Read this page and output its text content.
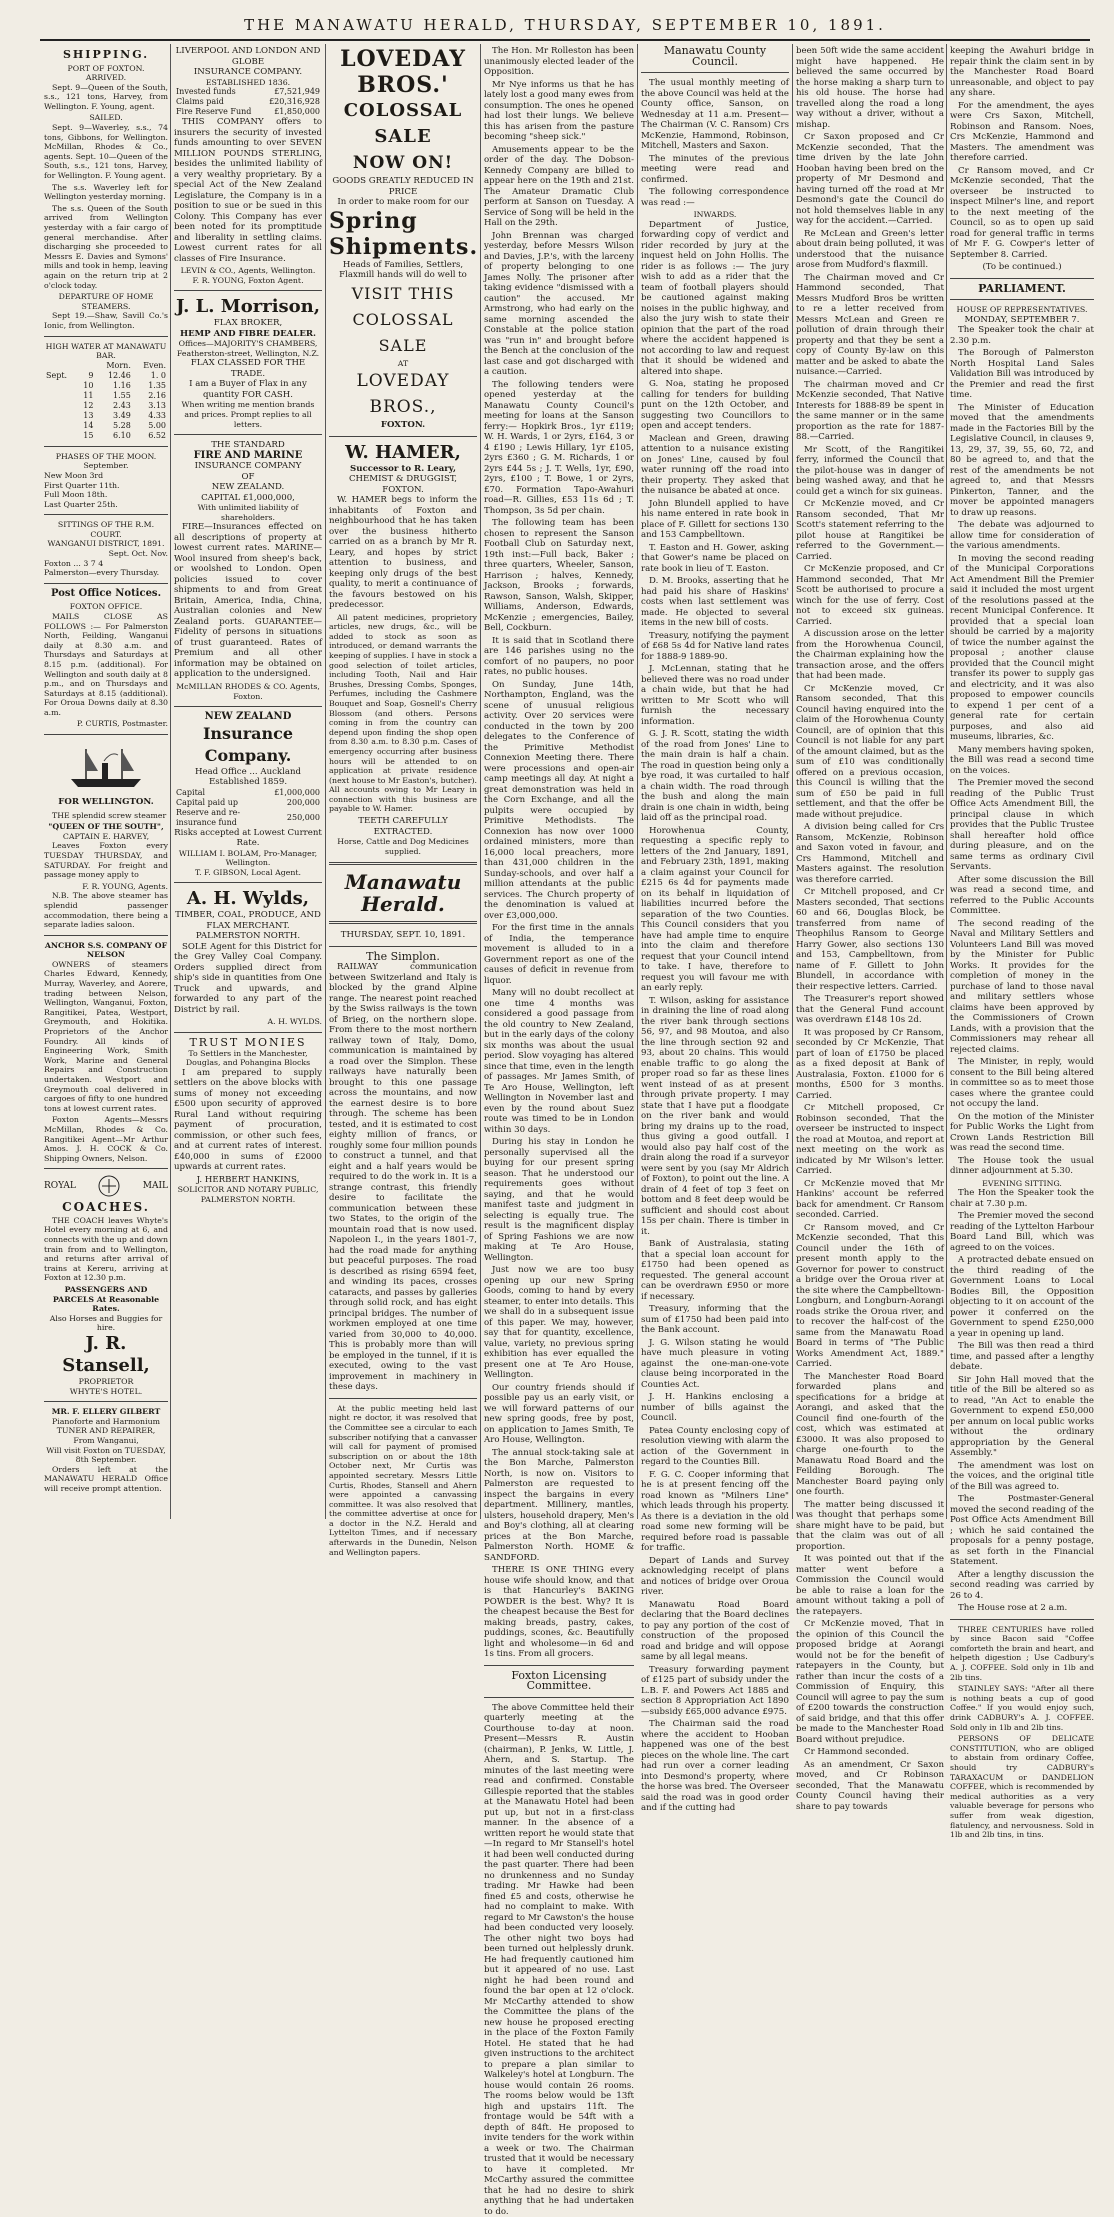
THE MANAWATU HERALD, THURSDAY, SEPTEMBER 10, 1891.
SHIPPING.
PORT OF FOXTON.
ARRIVED.

Sept. 9—Queen of the South, s.s., 121 tons, Harvey, from Wellington. F. Young, agent.

SAILED.

Sept. 9—Waverley, s.s., 74 tons, Gibbons, for Wellington. McMillan, Rhodes & Co., agents. Sept. 10—Queen of the South, s.s., 121 tons, Harvey, for Wellington. F. Young agent.

The s.s. Waverley left for Wellington yesterday morning.

The s.s. Queen of the South arrived from Wellington yesterday with a fair cargo of general merchandise. After discharging she proceeded to Messrs E. Davies and Symons' mills and took in hemp, leaving again on the return trip at 2 o'clock today.

DEPARTURE OF HOME STEAMERS.

Sept 19.—Shaw, Savill Co.'s Ionic, from Wellington.

HIGH WATER AT MANAWATU BAR.
		Morn.	Even.
Sept.	9	12.46	1. 0
	10	1.16	1.35
	11	1.55	2.16
	12	2.43	3.13
	13	3.49	4.33
	14	5.28	5.00
	15	6.10	6.52
PHASES OF THE MOON.
September.
New Moon 3rd
First Quarter 11th.
Full Moon 18th.
Last Quarter 25th.
SITTINGS OF THE R.M. COURT.
WANGANUI DISTRICT, 1891.
Sept. Oct. Nov.
Foxton ... 3 7 4
Palmerston—every Thursday.
Post Office Notices.
FOXTON OFFICE.

MAILS CLOSE AS FOLLOWS :— For Palmerston North, Feilding, Wanganui daily at 8.30 a.m. and Thursdays and Saturdays at 8.15 p.m. (additional). For Wellington and south daily at 8 p.m., and on Thursdays and Saturdays at 8.15 (additional). For Oroua Downs daily at 8.30 a.m.

P. CURTIS, Postmaster.
FOR WELLINGTON.

THE splendid screw steamer

"QUEEN OF THE SOUTH",
CAPTAIN E. HARVEY,

Leaves Foxton every TUESDAY THURSDAY, and SATURDAY. For freight and passage money apply to

F. R. YOUNG, Agents.

N.B. The above steamer has splendid passenger accommodation, there being a separate ladies saloon.

ANCHOR S.S. COMPANY OF NELSON

OWNERS of steamers Charles Edward, Kennedy, Murray, Waverley, and Aorere, trading between Nelson, Wellington, Wanganui, Foxton, Rangitikei, Patea, Westport, Greymouth, and Hokitika. Proprietors of the Anchor Foundry. All kinds of Engineering Work, Smith Work, Marine and General Repairs and Construction undertaken. Westport and Greymouth coal delivered in cargoes of fifty to one hundred tons at lowest current rates.

Foxton Agents—Messrs McMillan, Rhodes & Co. Rangitikei Agent—Mr Arthur Amos. J. H. COCK & Co. Shipping Owners, Nelson.

ROYAL	MAIL
COACHES.

THE COACH leaves Whyte's Hotel every morning at 6, and connects with the up and down train from and to Wellington, and returns after arrival of trains at Kereru, arriving at Foxton at 12.30 p.m.

PASSENGERS AND PARCELS At Reasonable Rates.
Also Horses and Buggies for hire.
J. R. Stansell,
PROPRIETOR
WHYTE'S HOTEL.
MR. F. ELLERY GILBERT
Pianoforte and Harmonium
TUNER AND REPAIRER,
From Wanganui,
Will visit Foxton on TUESDAY, 8th September.

Orders left at the MANAWATU HERALD Office will receive prompt attention.

LIVERPOOL AND LONDON AND GLOBE
INSURANCE COMPANY.
ESTABLISHED 1836.
Invested funds	£7,521,949
Claims paid	£20,316,928
Fire Reserve Fund	£1,850,000

THIS COMPANY offers to insurers the security of invested funds amounting to over SEVEN MILLION POUNDS STERLING, besides the unlimited liability of a very wealthy proprietary. By a special Act of the New Zealand Legislature, the Company is in a position to sue or be sued in this Colony. This Company has ever been noted for its promptitude and liberality in settling claims. Lowest current rates for all classes of Fire Insurance.

LEVIN & CO., Agents, Wellington.
F. R. YOUNG, Foxton Agent.
J. L. Morrison,
FLAX BROKER,
HEMP AND FIBRE DEALER.
Offices—MAJORITY'S CHAMBERS, Featherston-street, Wellington, N.Z.
FLAX CLASSED FOR THE TRADE.
I am a Buyer of Flax in any quantity FOR CASH.
When writing me mention brands and prices. Prompt replies to all letters.
THE STANDARD
FIRE AND MARINE
INSURANCE COMPANY
OF
NEW ZEALAND.
CAPITAL £1,000,000,
With unlimited liability of shareholders.

FIRE—Insurances effected on all descriptions of property at lowest current rates. MARINE—Wool insured from sheep's back, or woolshed to London. Open policies issued to cover shipments to and from Great Britain, America, India, China, Australian colonies and New Zealand ports. GUARANTEE—Fidelity of persons in situations of trust guaranteed. Rates of Premium and all other information may be obtained on application to the undersigned.

McMILLAN RHODES & CO. Agents, Foxton.
NEW ZEALAND
Insurance Company.
Head Office ... Auckland
Established 1859.
Capital	£1,000,000
Capital paid up	200,000
Reserve and re-insurance fund	250,000
Risks accepted at Lowest Current Rate.
WILLIAM I. BOLAM, Pro-Manager, Wellington.
T. F. GIBSON, Local Agent.
A. H. Wylds,
TIMBER, COAL, PRODUCE, AND FLAX MERCHANT.
PALMERSTON NORTH.

SOLE Agent for this District for the Grey Valley Coal Company. Orders supplied direct from ship's side in quantities from One Truck and upwards, and forwarded to any part of the District by rail.

A. H. WYLDS.
TRUST MONIES
To Settlers in the Manchester, Douglas, and Pohangina Blocks

I am prepared to supply settlers on the above blocks with sums of money not exceeding £500 upon security of approved Rural Land without requiring payment of procuration, commission, or other such fees, and at current rates of interest. £40,000 in sums of £2000 upwards at current rates.

J. HERBERT HANKINS,
SOLICITOR AND NOTARY PUBLIC, PALMERSTON NORTH.
LOVEDAY BROS.'
COLOSSAL SALE
NOW ON!
GOODS GREATLY REDUCED IN PRICE
In order to make room for our
Spring
Shipments.
Heads of Families, Settlers, Flaxmill hands will do well to
VISIT THIS COLOSSAL SALE
AT
LOVEDAY BROS.,
FOXTON.
W. HAMER,
Successor to R. Leary,
CHEMIST & DRUGGIST,
FOXTON.

W. HAMER begs to inform the inhabitants of Foxton and neighbourhood that he has taken over the business hitherto carried on as a branch by Mr R. Leary, and hopes by strict attention to business, and keeping only drugs of the best quality, to merit a continuance of the favours bestowed on his predecessor.

All patent medicines, proprietory articles, new drugs, &c., will be added to stock as soon as introduced, or demand warrants the keeping of supplies. I have in stock a good selection of toilet articles, including Tooth, Nail and Hair Brushes, Dressing Combs, Sponges, Perfumes, including the Cashmere Bouquet and Soap, Gosnell's Cherry Blossom (and others. Persons coming in from the country can depend upon finding the shop open from 8.30 a.m. to 8.30 p.m. Cases of emergency occurring after business hours will be attended to on application at private residence (next house to Mr Easton's, butcher). All accounts owing to Mr Leary in connection with this business are payable to W. Hamer.

TEETH CAREFULLY EXTRACTED.
Horse, Cattle and Dog Medicines supplied.
Manawatu Herald.
THURSDAY, SEPT. 10, 1891.
The Simplon.

RAILWAY communication between Switzerland and Italy is blocked by the grand Alpine range. The nearest point reached by the Swiss railways is the town of Brieg, on the northern slope. From there to the most northern railway town of Italy, Domo, communication is maintained by a road over the Simplon. These railways have naturally been brought to this one passage across the mountains, and now the earnest desire is to bore through. The scheme has been tested, and it is estimated to cost eighty million of francs, or roughly some four million pounds to construct a tunnel, and that eight and a half years would be required to do the work in. It is a strange contrast, this friendly desire to facilitate the communication between these two States, to the origin of the mountain road that is now used. Napoleon I., in the years 1801-7, had the road made for anything but peaceful purposes. The road is described as rising 6594 feet, and winding its paces, crosses cataracts, and passes by galleries through solid rock, and has eight principal bridges. The number of workmen employed at one time varied from 30,000 to 40,000. This is probably more than will be employed in the tunnel, if it is executed, owing to the vast improvement in machinery in these days.

At the public meeting held last night re doctor, it was resolved that the Committee see a circular to each subscriber notifying that a canvasser will call for payment of promised subscription on or about the 18th October next, Mr Curtis was appointed secretary. Messrs Little Curtis, Rhodes, Stansell and Ahern were appointed a canvassing committee. It was also resolved that the committee advertise at once for a doctor in the N.Z. Herald and Lyttelton Times, and if necessary afterwards in the Dunedin, Nelson and Wellington papers.

The Hon. Mr Rolleston has been unanimously elected leader of the Opposition.

Mr Nye informs us that he has lately lost a good many ewes from consumption. The ones he opened had lost their lungs. We believe this has arisen from the pasture becoming "sheep sick."

Amusements appear to be the order of the day. The Dobson-Kennedy Company are billed to appear here on the 19th and 21st. The Amateur Dramatic Club perform at Sanson on Tuesday. A Service of Song will be held in the Hall on the 29th.

John Brennan was charged yesterday, before Messrs Wilson and Davies, J.P.'s, with the larceny of property belonging to one James Nolly. The prisoner after taking evidence "dismissed with a caution" the accused. Mr Armstrong, who had early on the same morning ascended the Constable at the police station was "run in" and brought before the Bench at the conclusion of the last case and got discharged with a caution.

The following tenders were opened yesterday at the Manawatu County Council's meeting for loans at the Sanson ferry:— Hopkirk Bros., 1yr £119; W. H. Wards, 1 or 2yrs, £164, 3 or 4 £190 ; Lewis Hillary, 1yr £105, 2yrs £360 ; G. M. Richards, 1 or 2yrs £44 5s ; J. T. Wells, 1yr, £90, 2yrs, £100 ; T. Bowe, 1 or 2yrs, £70. Formation Tapo-Awahuri road—R. Gillies, £53 11s 6d ; T. Thompson, 3s 5d per chain.

The following team has been chosen to represent the Sanson Football Club on Saturday next, 19th inst:—Full back, Baker ; three quarters, Wheeler, Sanson, Harrison ; halves, Kennedy, Jackson, Brooks ; forwards, Rawson, Sanson, Walsh, Skipper, Williams, Anderson, Edwards, McKenzie ; emergencies, Bailey, Bell, Cockburn.

It is said that in Scotland there are 146 parishes using no the comfort of no paupers, no poor rates, no public houses.

On Sunday, June 14th, Northampton, England, was the scene of unusual religious activity. Over 20 services were conducted in the town by 200 delegates to the Conference of the Primitive Methodist Connexion Meeting there. There were processions and open-air camp meetings all day. At night a great demonstration was held in the Corn Exchange, and all the pulpits were occupied by Primitive Methodists. The Connexion has now over 1000 ordained ministers, more than 16,000 local preachers, more than 431,000 children in the Sunday-schools, and over half a million attendants at the public services. The Church property of the denomination is valued at over £3,000,000.

For the first time in the annals of India, the temperance movement is alluded to in a Government report as one of the causes of deficit in revenue from liquor.

Many will no doubt recollect at one time 4 months was considered a good passage from the old country to New Zealand, but in the early days of the colony six months was about the usual period. Slow voyaging has altered since that time, even in the length of passages. Mr James Smith, of Te Aro House, Wellington, left Wellington in November last and even by the round about Suez route was timed to be in London within 30 days.

During his stay in London he personally supervised all the buying for our present spring season. That he understood our requirements goes without saying, and that he would manifest taste and judgment in selecting is equally true. The result is the magnificent display of Spring Fashions we are now making at Te Aro House, Wellington.

Just now we are too busy opening up our new Spring Goods, coming to hand by every steamer, to enter into details. This we shall do in a subsequent issue of this paper. We may, however, say that for quantity, excellence, value, variety, no previous spring exhibition has ever equalled the present one at Te Aro House, Wellington.

Our country friends should if possible pay us an early visit, or we will forward patterns of our new spring goods, free by post, on application to James Smith, Te Aro House, Wellington.

The annual stock-taking sale at the Bon Marche, Palmerston North, is now on. Visitors to Palmerston are requested to inspect the bargains in every department. Millinery, mantles, ulsters, household drapery, Men's and Boy's clothing, all at clearing prices at the Bon Marche, Palmerston North. HOME & SANDFORD.

THERE IS ONE THING every house wife should know, and that is that Hancurley's BAKING POWDER is the best. Why? It is the cheapest because the Best for making breads, pastry, cakes, puddings, scones, &c. Beautifully light and wholesome—in 6d and 1s tins. From all grocers.

Foxton Licensing Committee.

The above Committee held their quarterly meeting at the Courthouse to-day at noon. Present—Messrs R. Austin (chairman), P. Jenks, W. Little, J. Ahern, and S. Startup. The minutes of the last meeting were read and confirmed. Constable Gillespie reported that the stables at the Manawatu Hotel had been put up, but not in a first-class manner. In the absence of a written report he would state that—In regard to Mr Stansell's hotel it had been well conducted during the past quarter. There had been no drunkenness and no Sunday trading. Mr Hawke had been fined £5 and costs, otherwise he had no complaint to make. With regard to Mr Cawston's the house had been conducted very loosely. The other night two boys had been turned out helplessly drunk. He had frequently cautioned him but it appeared of no use. Last night he had been round and found the bar open at 12 o'clock. Mr McCarthy attended to show the Committee the plans of the new house he proposed erecting in the place of the Foxton Family Hotel. He stated that he had given instructions to the architect to prepare a plan similar to Walkeley's hotel at Longburn. The house would contain 26 rooms. The rooms below would be 13ft high and upstairs 11ft. The frontage would be 54ft with a depth of 84ft. He proposed to invite tenders for the work within a week or two. The Chairman trusted that it would be necessary to have it completed. Mr McCarthy assured the committee that he had no desire to shirk anything that he had undertaken to do.

Manawatu County Council.

The usual monthly meeting of the above Council was held at the County office, Sanson, on Wednesday at 11 a.m. Present—The Chairman (V. C. Ransom) Crs McKenzie, Hammond, Robinson, Mitchell, Masters and Saxon.

The minutes of the previous meeting were read and confirmed.

The following correspondence was read :—

INWARDS.

Department of Justice, forwarding copy of verdict and rider recorded by jury at the inquest held on John Hollis. The rider is as follows :— The jury wish to add as a rider that the team of football players should be cautioned against making noises in the public highway, and also the jury wish to state their opinion that the part of the road where the accident happened is not according to law and request that it should be widened and altered into shape.

G. Noa, stating he proposed calling for tenders for building punt on the 12th October, and suggesting two Councillors to open and accept tenders.

Maclean and Green, drawing attention to a nuisance existing on Jones' Line, caused by foul water running off the road into their property. They asked that the nuisance be abated at once.

John Blundell applied to have his name entered in rate book in place of F. Gillett for sections 130 and 153 Campbelltown.

T. Easton and H. Gower, asking that Gower's name be placed on rate book in lieu of T. Easton.

D. M. Brooks, asserting that he had paid his share of Haskins' costs when last settlement was made. He objected to several items in the new bill of costs.

Treasury, notifying the payment of £68 5s 4d for Native land rates for 1888-9 1889-90.

J. McLennan, stating that he believed there was no road under a chain wide, but that he had written to Mr Scott who will furnish the necessary information.

G. J. R. Scott, stating the width of the road from Jones' Line to the main drain is half a chain. The road in question being only a bye road, it was curtailed to half a chain width. The road through the bush and along the main drain is one chain in width, being laid off as the principal road.

Horowhenua County, requesting a specific reply to letters of the 2nd January, 1891, and February 23th, 1891, making a claim against your Council for £215 6s 4d for payments made on its behalf in liquidation of liabilities incurred before the separation of the two Counties. This Council considers that you have had ample time to enquire into the claim and therefore request that your Council intend to take. I have, therefore to request you will favour me with an early reply.

T. Wilson, asking for assistance in draining the line of road along the river bank through sections 56, 97, and 98 Moutoa, and also the line through section 92 and 93, about 20 chains. This would enable traffic to go along the proper road so far as these lines went instead of as at present through private property. I may state that I have put a floodgate on the river bank and would bring my drains up to the road, thus giving a good outfall. I would also pay half cost of the drain along the road if a surveyor were sent by you (say Mr Aldrich of Foxton), to point out the line. A drain of 4 feet of top 3 feet on bottom and 8 feet deep would be sufficient and should cost about 15s per chain. There is timber in it.

Bank of Australasia, stating that a special loan account for £1750 had been opened as requested. The general account can be overdrawn £950 or more if necessary.

Treasury, informing that the sum of £1750 had been paid into the Bank account.

J. G. Wilson stating he would have much pleasure in voting against the one-man-one-vote clause being incorporated in the Counties Act.

J. H. Hankins enclosing a number of bills against the Council.

Patea County enclosing copy of resolution viewing with alarm the action of the Government in regard to the Counties Bill.

F. G. C. Cooper informing that he is at present fencing off the road known as "Milners Line" which leads through his property. As there is a deviation in the old road some new forming will be required before road is passable for traffic.

Depart of Lands and Survey acknowledging receipt of plans and notices of bridge over Oroua river.

Manawatu Road Board declaring that the Board declines to pay any portion of the cost of construction of the proposed road and bridge and will oppose same by all legal means.

Treasury forwarding payment of £125 part of subsidy under the L.B. F. and Powers Act 1885 and section 8 Appropriation Act 1890—subsidy £65,000 advance £975.

The Chairman said the road where the accident to Hooban happened was one of the best pieces on the whole line. The cart had run over a corner leading into Desmond's property, where the horse was bred. The Overseer said the road was in good order and if the cutting had

been 50ft wide the same accident might have happened. He believed the same occurred by the horse making a sharp turn to his old house. The horse had travelled along the road a long way without a driver, without a mishap.

Cr Saxon proposed and Cr McKenzie seconded, That the time driven by the late John Hooban having been bred on the property of Mr Desmond and having turned off the road at Mr Desmond's gate the Council do not hold themselves liable in any way for the accident.—Carried.

Re McLean and Green's letter about drain being polluted, it was understood that the nuisance arose from Mudford's flaxmill.

The Chairman moved and Cr Hammond seconded, That Messrs Mudford Bros be written to re a letter received from Messrs McLean and Green re pollution of drain through their property and that they be sent a copy of County By-law on this matter and be asked to abate the nuisance.—Carried.

The chairman moved and Cr McKenzie seconded, That Native Interests for 1888-89 be spent in the same manner or in the same proportion as the rate for 1887-88.—Carried.

Mr Scott, of the Rangitikei ferry, informed the Council that the pilot-house was in danger of being washed away, and that he could get a winch for six guineas.

Cr McKenzie moved, and Cr Ransom seconded, That Mr Scott's statement referring to the pilot house at Rangitikei be referred to the Government.—Carried.

Cr McKenzie proposed, and Cr Hammond seconded, That Mr Scott be authorised to procure a winch for the use of ferry. Cost not to exceed six guineas. Carried.

A discussion arose on the letter from the Horowhenua Council, the Chairman explaining how the transaction arose, and the offers that had been made.

Cr McKenzie moved, Cr Ransom seconded, That this Council having enquired into the claim of the Horowhenua County Council, are of opinion that this Council is not liable for any part of the amount claimed, but as the sum of £10 was conditionally offered on a previous occasion, this Council is willing that the sum of £50 be paid in full settlement, and that the offer be made without prejudice.

A division being called for Crs Ransom, McKenzie, Robinson and Saxon voted in favour, and Crs Hammond, Mitchell and Masters against. The resolution was therefore carried.

Cr Mitchell proposed, and Cr Masters seconded, That sections 60 and 66, Douglas Block, be transferred from name of Theophilus Ransom to George Harry Gower, also sections 130 and 153, Campbelltown, from name of F. Gillett to John Blundell, in accordance with their respective letters. Carried.

The Treasurer's report showed that the General Fund account was overdrawn £148 10s 2d.

It was proposed by Cr Ransom, seconded by Cr McKenzie, That part of loan of £1750 be placed as a fixed deposit at Bank of Australasia, Foxton. £1000 for 6 months, £500 for 3 months. Carried.

Cr Mitchell proposed, Cr Robinson seconded, That the overseer be instructed to inspect the road at Moutoa, and report at next meeting on the work as indicated by Mr Wilson's letter. Carried.

Cr McKenzie moved that Mr Hankins' account be referred back for amendment. Cr Ransom seconded. Carried.

Cr Ransom moved, and Cr McKenzie seconded, That this Council under the 16th of present month apply to the Governor for power to construct a bridge over the Oroua river at the site where the Campbelltown-Longburn, and Longburn-Aorangi roads strike the Oroua river, and to recover the half-cost of the same from the Manawatu Road Board in terms of "The Public Works Amendment Act, 1889." Carried.

The Manchester Road Board forwarded plans and specifications for a bridge at Aorangi, and asked that the Council find one-fourth of the cost, which was estimated at £3000. It was also proposed to charge one-fourth to the Manawatu Road Board and the Feilding Borough. The Manchester Board paying only one fourth.

The matter being discussed it was thought that perhaps some share might have to be paid, but that the claim was out of all proportion.

It was pointed out that if the matter went before a Commission the Council would be able to raise a loan for the amount without taking a poll of the ratepayers.

Cr McKenzie moved, That in the opinion of this Council the proposed bridge at Aorangi would not be for the benefit of ratepayers in the County, but rather than incur the costs of a Commission of Enquiry, this Council will agree to pay the sum of £200 towards the construction of said bridge, and that this offer be made to the Manchester Road Board without prejudice.

Cr Hammond seconded.

As an amendment, Cr Saxon moved, and Cr Robinson seconded, That the Manawatu County Council having their share to pay towards

keeping the Awahuri bridge in repair think the claim sent in by the Manchester Road Board unreasonable, and object to pay any share.

For the amendment, the ayes were Crs Saxon, Mitchell, Robinson and Ransom. Noes, Crs McKenzie, Hammond and Masters. The amendment was therefore carried.

Cr Ransom moved, and Cr McKenzie seconded, That the overseer be instructed to inspect Milner's line, and report to the next meeting of the Council, so as to open up said road for general traffic in terms of Mr F. G. Cowper's letter of September 8. Carried.

(To be continued.)
PARLIAMENT.
HOUSE OF REPRESENTATIVES.
MONDAY, SEPTEMBER 7.

The Speaker took the chair at 2.30 p.m.

The Borough of Palmerston North Hospital Land Sales Validation Bill was introduced by the Premier and read the first time.

The Minister of Education moved that the amendments made in the Factories Bill by the Legislative Council, in clauses 9, 13, 29, 37, 39, 55, 60, 72, and 80 be agreed to, and that the rest of the amendments be not agreed to, and that Messrs Pinkerton, Tanner, and the mover be appointed managers to draw up reasons.

The debate was adjourned to allow time for consideration of the various amendments.

In moving the second reading of the Municipal Corporations Act Amendment Bill the Premier said it included the most urgent of the resolutions passed at the recent Municipal Conference. It provided that a special loan should be carried by a majority of twice the number against the proposal ; another clause provided that the Council might transfer its power to supply gas and electricity, and it was also proposed to empower councils to expend 1 per cent of a general rate for certain purposes, and also aid museums, libraries, &c.

Many members having spoken, the Bill was read a second time on the voices.

The Premier moved the second reading of the Public Trust Office Acts Amendment Bill, the principal clause in which provides that the Public Trustee shall hereafter hold office during pleasure, and on the same terms as ordinary Civil Servants.

After some discussion the Bill was read a second time, and referred to the Public Accounts Committee.

The second reading of the Naval and Military Settlers and Volunteers Land Bill was moved by the Minister for Public Works. It provides for the completion of money in the purchase of land to those naval and military settlers whose claims have been approved by the Commissioners of Crown Lands, with a provision that the Commissioners may rehear all rejected claims.

The Minister, in reply, would consent to the Bill being altered in committee so as to meet those cases where the grantee could not occupy the land.

On the motion of the Minister for Public Works the Light from Crown Lands Restriction Bill was read the second time.

The House took the usual dinner adjournment at 5.30.

EVENING SITTING.

The Hon the Speaker took the chair at 7.30 p.m.

The Premier moved the second reading of the Lyttelton Harbour Board Land Bill, which was agreed to on the voices.

A protracted debate ensued on the third reading of the Government Loans to Local Bodies Bill, the Opposition objecting to it on account of the power it conferred on the Government to spend £250,000 a year in opening up land.

The Bill was then read a third time, and passed after a lengthy debate.

Sir John Hall moved that the title of the Bill be altered so as to read, "An Act to enable the Government to expend £50,000 per annum on local public works without the ordinary appropriation by the General Assembly."

The amendment was lost on the voices, and the original title of the Bill was agreed to.

The Postmaster-General moved the second reading of the Post Office Acts Amendment Bill ; which he said contained the proposals for a penny postage, as set forth in the Financial Statement.

After a lengthy discussion the second reading was carried by 26 to 4.

The House rose at 2 a.m.

THREE CENTURIES have rolled by since Bacon said "Coffee comforteth the brain and heart, and helpeth digestion ; Use Cadbury's A. J. COFFEE. Sold only in 1lb and 2lb tins.

STAINLEY SAYS: "After all there is nothing beats a cup of good Coffee." If you would enjoy such, drink CADBURY's A. J. COFFEE. Sold only in 1lb and 2lb tins.

PERSONS OF DELICATE CONSTITUTION, who are obliged to abstain from ordinary Coffee, should try CADBURY's TARAXACUM or DANDELION COFFEE, which is recommended by medical authorities as a very valuable beverage for persons who suffer from weak digestion, flatulency, and nervousness. Sold in 1lb and 2lb tins, in tins.
